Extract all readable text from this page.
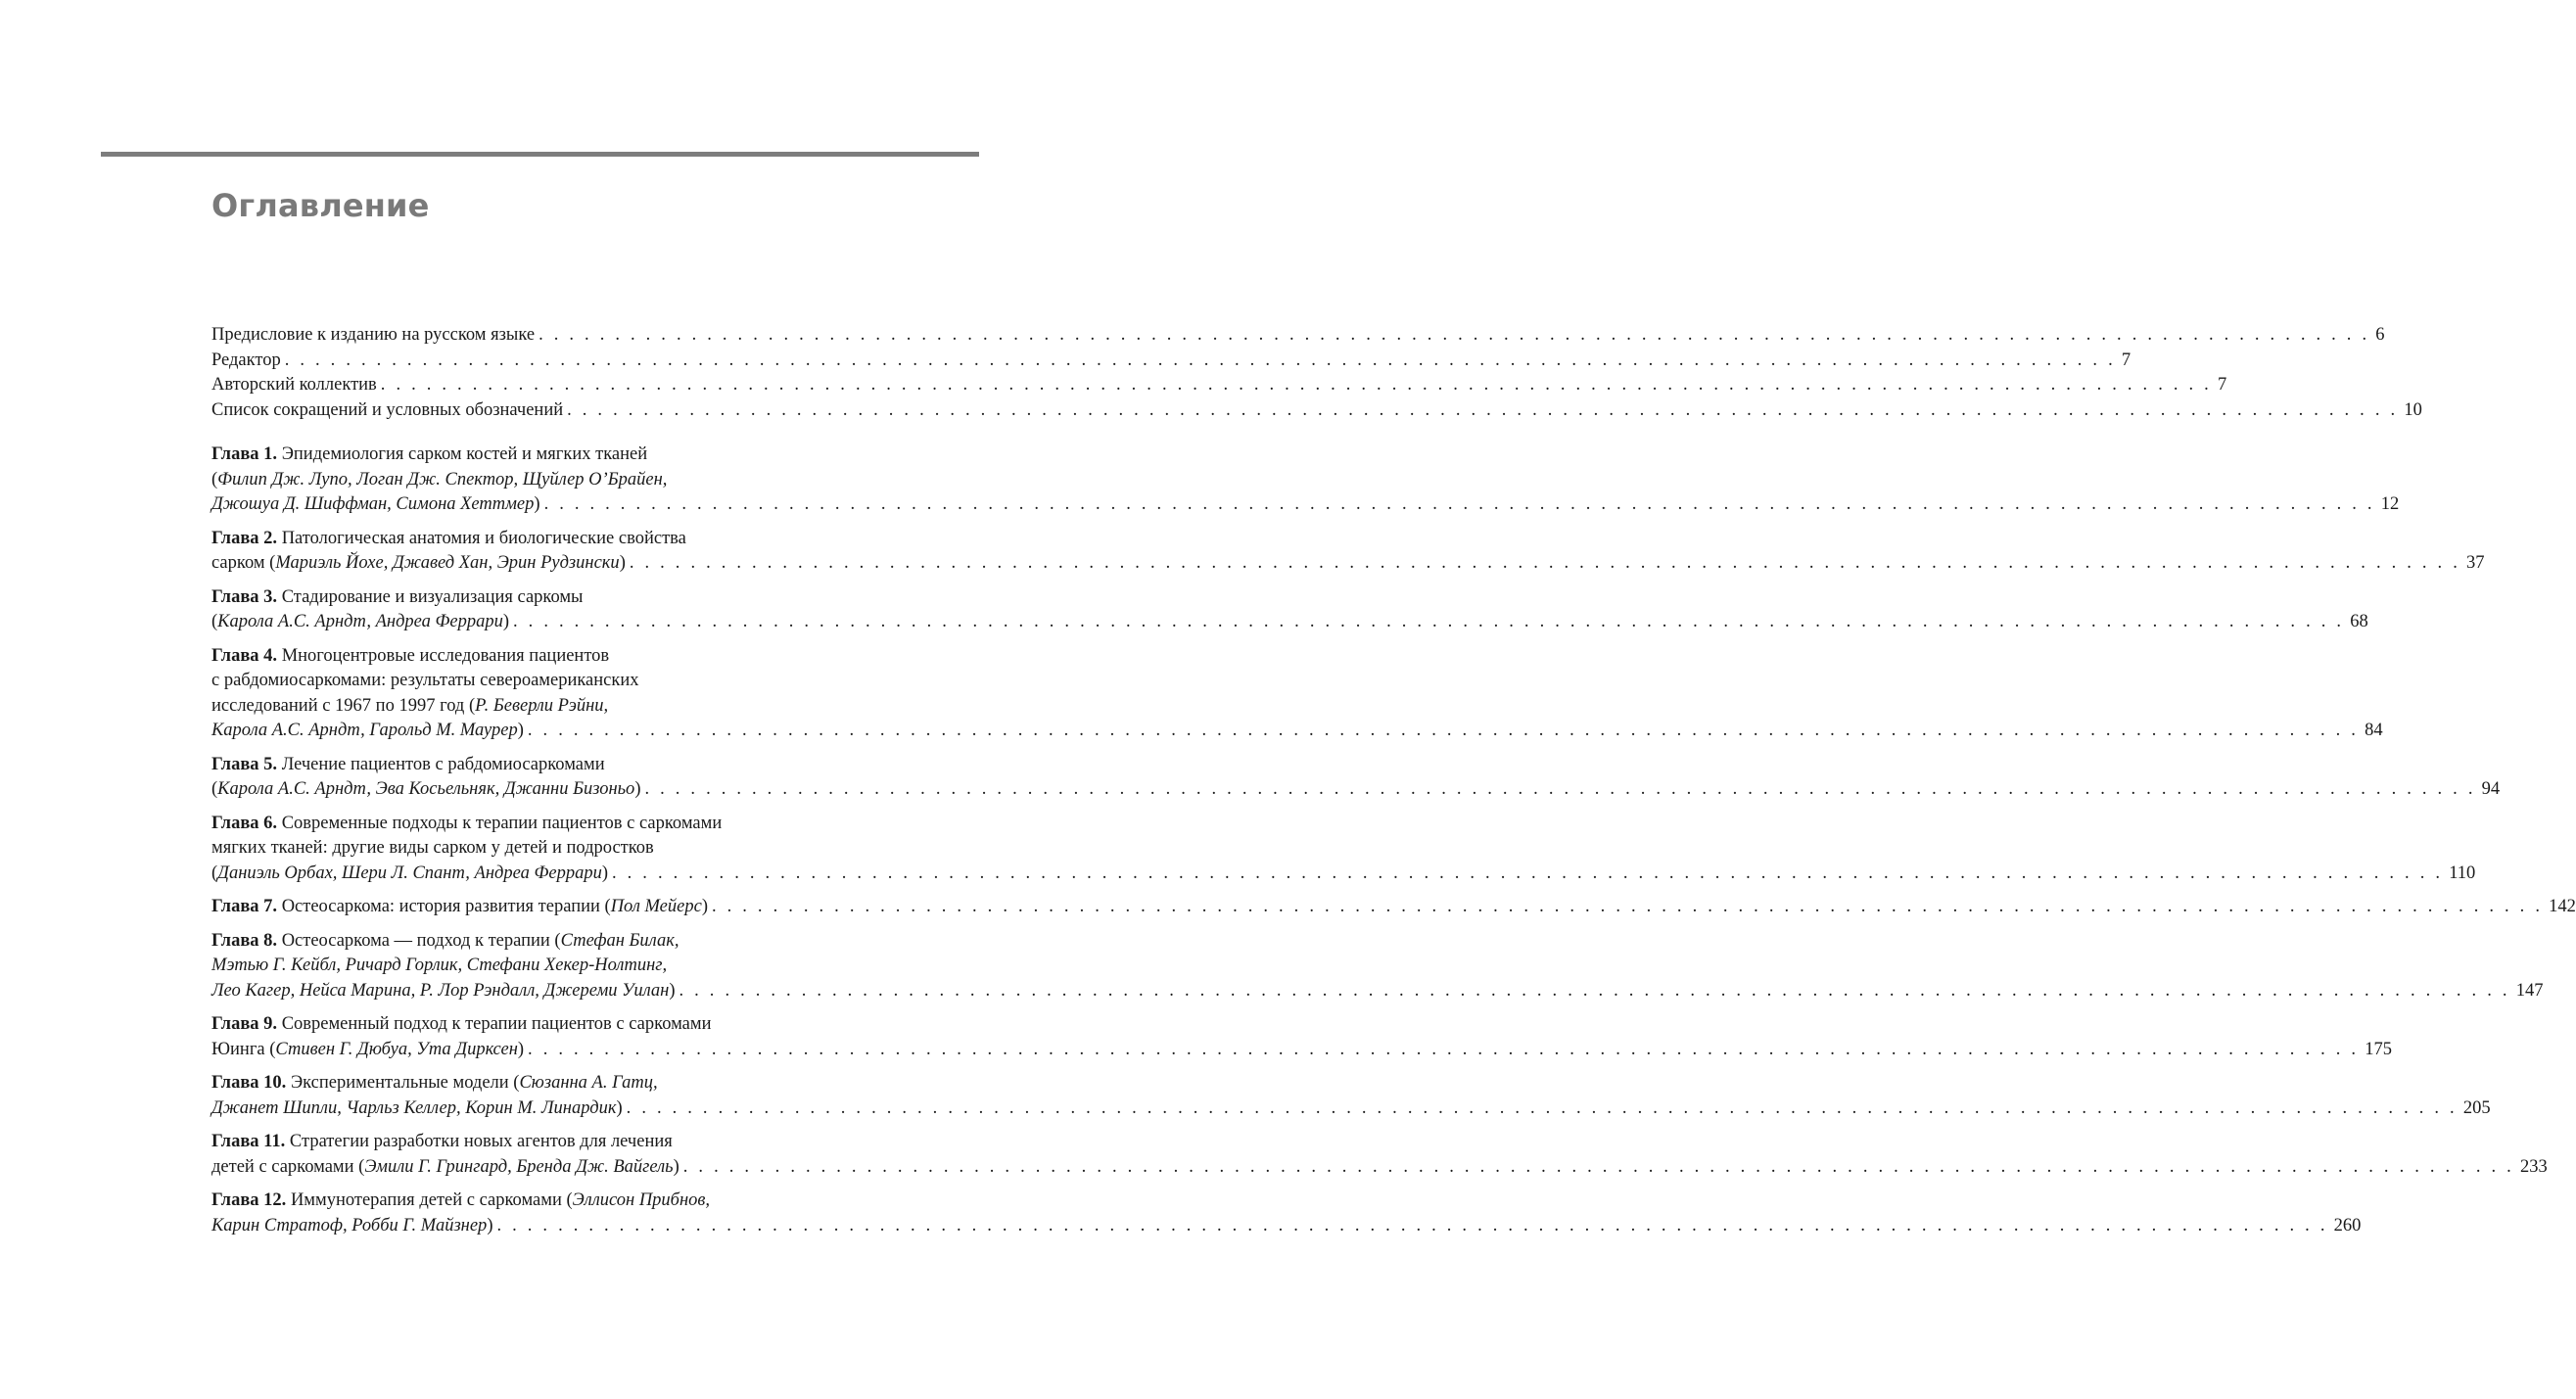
Оглавление
Предисловие к изданию на русском языке . . . . . . . . . . . . . . . . . . . . . . . . . . . . . . . . . . . . . . . . . . . . . . . . . . . . . . . . . . . . . . . . . . . . . . . . . . . . . . . . . . . . . . . . . . . . . . . . . . . . . . . . . . . . . . . . . . . . . . . . 6
Редактор . . . . . . . . . . . . . . . . . . . . . . . . . . . . . . . . . . . . . . . . . . . . . . . . . . . . . . . . . . . . . . . . . . . . . . . . . . . . . . . . . . . . . . . . . . . . . . . . . . . . . . . . . . . . . . . . . . . . . . . . 7
Авторский коллектив . . . . . . . . . . . . . . . . . . . . . . . . . . . . . . . . . . . . . . . . . . . . . . . . . . . . . . . . . . . . . . . . . . . . . . . . . . . . . . . . . . . . . . . . . . . . . . . . . . . . . . . . . . . . . . . . . . . . . . . . 7
Список сокращений и условных обозначений . . . . . . . . . . . . . . . . . . . . . . . . . . . . . . . . . . . . . . . . . . . . . . . . . . . . . . . . . . . . . . . . . . . . . . . . . . . . . . . . . . . . . . . . . . . . . . . . . . . . . . . . . . . . . . . . . . . . . . . . 10
Глава 1. Эпидемиология сарком костей и мягких тканей
(Филип Дж. Лупо, Логан Дж. Спектор, Щуйлер О’Брайен,
Джошуа Д. Шиффман, Симона Хеттмер) . . . . . . . . . . . . . . . . . . . . . . . . . . . . . . . . . . . . . . . . . . . . . . . . . . . . . . . . . . . . . . . . . . . . . . . . . . . . . . . . . . . . . . . . . . . . . . . . . . . . . . . . . . . . . . . . . . . . . . . . 12
Глава 2. Патологическая анатомия и биологические свойства
сарком (Мариэль Йохе, Джавед Хан, Эрин Рудзински) . . . . . . . . . . . . . . . . . . . . . . . . . . . . . . . . . . . . . . . . . . . . . . . . . . . . . . . . . . . . . . . . . . . . . . . . . . . . . . . . . . . . . . . . . . . . . . . . . . . . . . . . . . . . . . . . . . . . . . . . 37
Глава 3. Стадирование и визуализация саркомы
(Карола А.С. Арндт, Андреа Феррари) . . . . . . . . . . . . . . . . . . . . . . . . . . . . . . . . . . . . . . . . . . . . . . . . . . . . . . . . . . . . . . . . . . . . . . . . . . . . . . . . . . . . . . . . . . . . . . . . . . . . . . . . . . . . . . . . . . . . . . . . 68
Глава 4. Многоцентровые исследования пациентов
с рабдомиосаркомами: результаты североамериканских
исследований с 1967 по 1997 год (Р. Беверли Рэйни,
Карола А.С. Арндт, Гарольд М. Маурер) . . . . . . . . . . . . . . . . . . . . . . . . . . . . . . . . . . . . . . . . . . . . . . . . . . . . . . . . . . . . . . . . . . . . . . . . . . . . . . . . . . . . . . . . . . . . . . . . . . . . . . . . . . . . . . . . . . . . . . . . 84
Глава 5. Лечение пациентов с рабдомиосаркомами
(Карола А.С. Арндт, Эва Косьельняк, Джанни Бизоньо) . . . . . . . . . . . . . . . . . . . . . . . . . . . . . . . . . . . . . . . . . . . . . . . . . . . . . . . . . . . . . . . . . . . . . . . . . . . . . . . . . . . . . . . . . . . . . . . . . . . . . . . . . . . . . . . . . . . . . . . . 94
Глава 6. Современные подходы к терапии пациентов с саркомами
мягких тканей: другие виды сарком у детей и подростков
(Даниэль Орбах, Шери Л. Спант, Андреа Феррари) . . . . . . . . . . . . . . . . . . . . . . . . . . . . . . . . . . . . . . . . . . . . . . . . . . . . . . . . . . . . . . . . . . . . . . . . . . . . . . . . . . . . . . . . . . . . . . . . . . . . . . . . . . . . . . . . . . . . . . . . 110
Глава 7. Остеосаркома: история развития терапии (Пол Мейерс) . . . . . . . . . . . . . . . . . . . . . . . . . . . . . . . . . . . . . . . . . . . . . . . . . . . . . . . . . . . . . . . . . . . . . . . . . . . . . . . . . . . . . . . . . . . . . . . . . . . . . . . . . . . . . . . . . . . . . . . . 142
Глава 8. Остеосаркома — подход к терапии (Стефан Билак,
Мэтью Г. Кейбл, Ричард Горлик, Стефани Хекер-Нолтинг,
Лео Кагер, Нейса Марина, Р. Лор Рэндалл, Джереми Уилан) . . . . . . . . . . . . . . . . . . . . . . . . . . . . . . . . . . . . . . . . . . . . . . . . . . . . . . . . . . . . . . . . . . . . . . . . . . . . . . . . . . . . . . . . . . . . . . . . . . . . . . . . . . . . . . . . . . . . . . . . 147
Глава 9. Современный подход к терапии пациентов с саркомами
Юинга (Стивен Г. Дюбуа, Ута Дирксен) . . . . . . . . . . . . . . . . . . . . . . . . . . . . . . . . . . . . . . . . . . . . . . . . . . . . . . . . . . . . . . . . . . . . . . . . . . . . . . . . . . . . . . . . . . . . . . . . . . . . . . . . . . . . . . . . . . . . . . . . 175
Глава 10. Экспериментальные модели (Сюзанна А. Гатц,
Джанет Шипли, Чарльз Келлер, Корин М. Линардик) . . . . . . . . . . . . . . . . . . . . . . . . . . . . . . . . . . . . . . . . . . . . . . . . . . . . . . . . . . . . . . . . . . . . . . . . . . . . . . . . . . . . . . . . . . . . . . . . . . . . . . . . . . . . . . . . . . . . . . . . 205
Глава 11. Стратегии разработки новых агентов для лечения
детей с саркомами (Эмили Г. Грингард, Бренда Дж. Вайгель) . . . . . . . . . . . . . . . . . . . . . . . . . . . . . . . . . . . . . . . . . . . . . . . . . . . . . . . . . . . . . . . . . . . . . . . . . . . . . . . . . . . . . . . . . . . . . . . . . . . . . . . . . . . . . . . . . . . . . . . . 233
Глава 12. Иммунотерапия детей с саркомами (Эллисон Прибнов,
Карин Стратоф, Робби Г. Майзнер) . . . . . . . . . . . . . . . . . . . . . . . . . . . . . . . . . . . . . . . . . . . . . . . . . . . . . . . . . . . . . . . . . . . . . . . . . . . . . . . . . . . . . . . . . . . . . . . . . . . . . . . . . . . . . . . . . . . . . . . . 260
